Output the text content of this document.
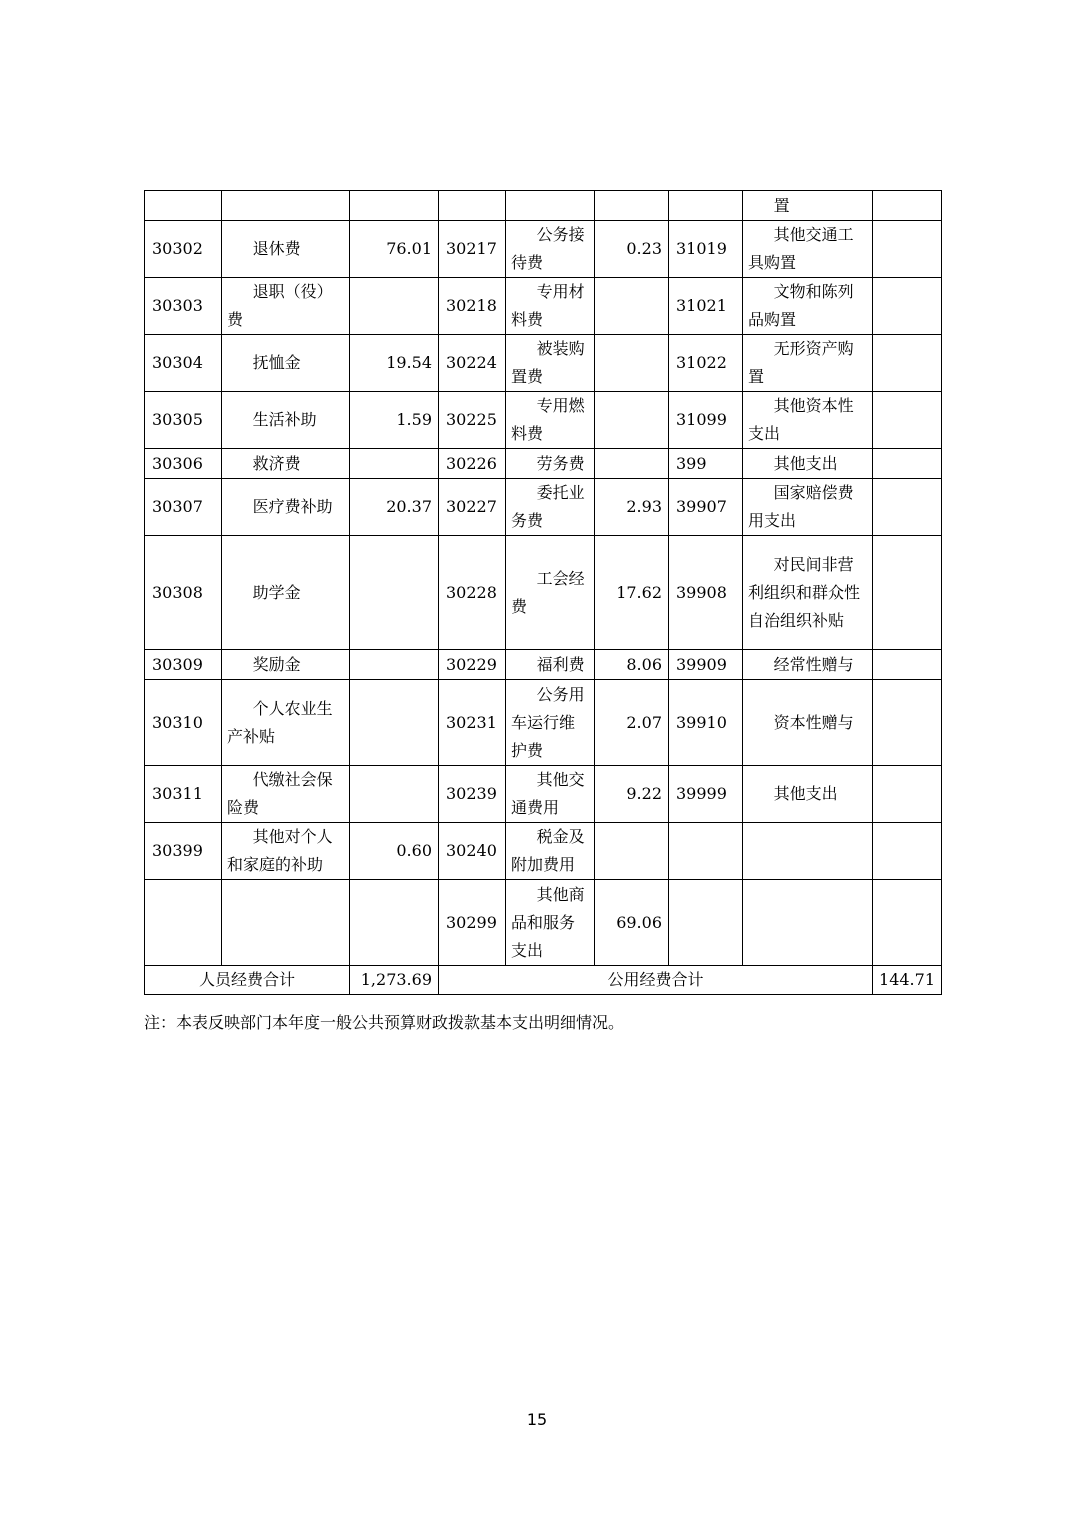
							置	
30302	退休费	76.01	30217	公务接待费	0.23	31019	其他交通工具购置	
30303	退职（役）费		30218	专用材料费		31021	文物和陈列品购置	
30304	抚恤金	19.54	30224	被装购置费		31022	无形资产购置	
30305	生活补助	1.59	30225	专用燃料费		31099	其他资本性支出	
30306	救济费		30226	劳务费		399	其他支出	
30307	医疗费补助	20.37	30227	委托业务费	2.93	39907	国家赔偿费用支出	
30308	助学金		30228	工会经费	17.62	39908	对民间非营利组织和群众性自治组织补贴	
30309	奖励金		30229	福利费	8.06	39909	经常性赠与	
30310	个人农业生产补贴		30231	公务用车运行维护费	2.07	39910	资本性赠与	
30311	代缴社会保险费		30239	其他交通费用	9.22	39999	其他支出	
30399	其他对个人和家庭的补助	0.60	30240	税金及附加费用				
			30299	其他商品和服务支出	69.06			
人员经费合计		1,273.69	公用经费合计					144.71
注：本表反映部门本年度一般公共预算财政拨款基本支出明细情况。
15
